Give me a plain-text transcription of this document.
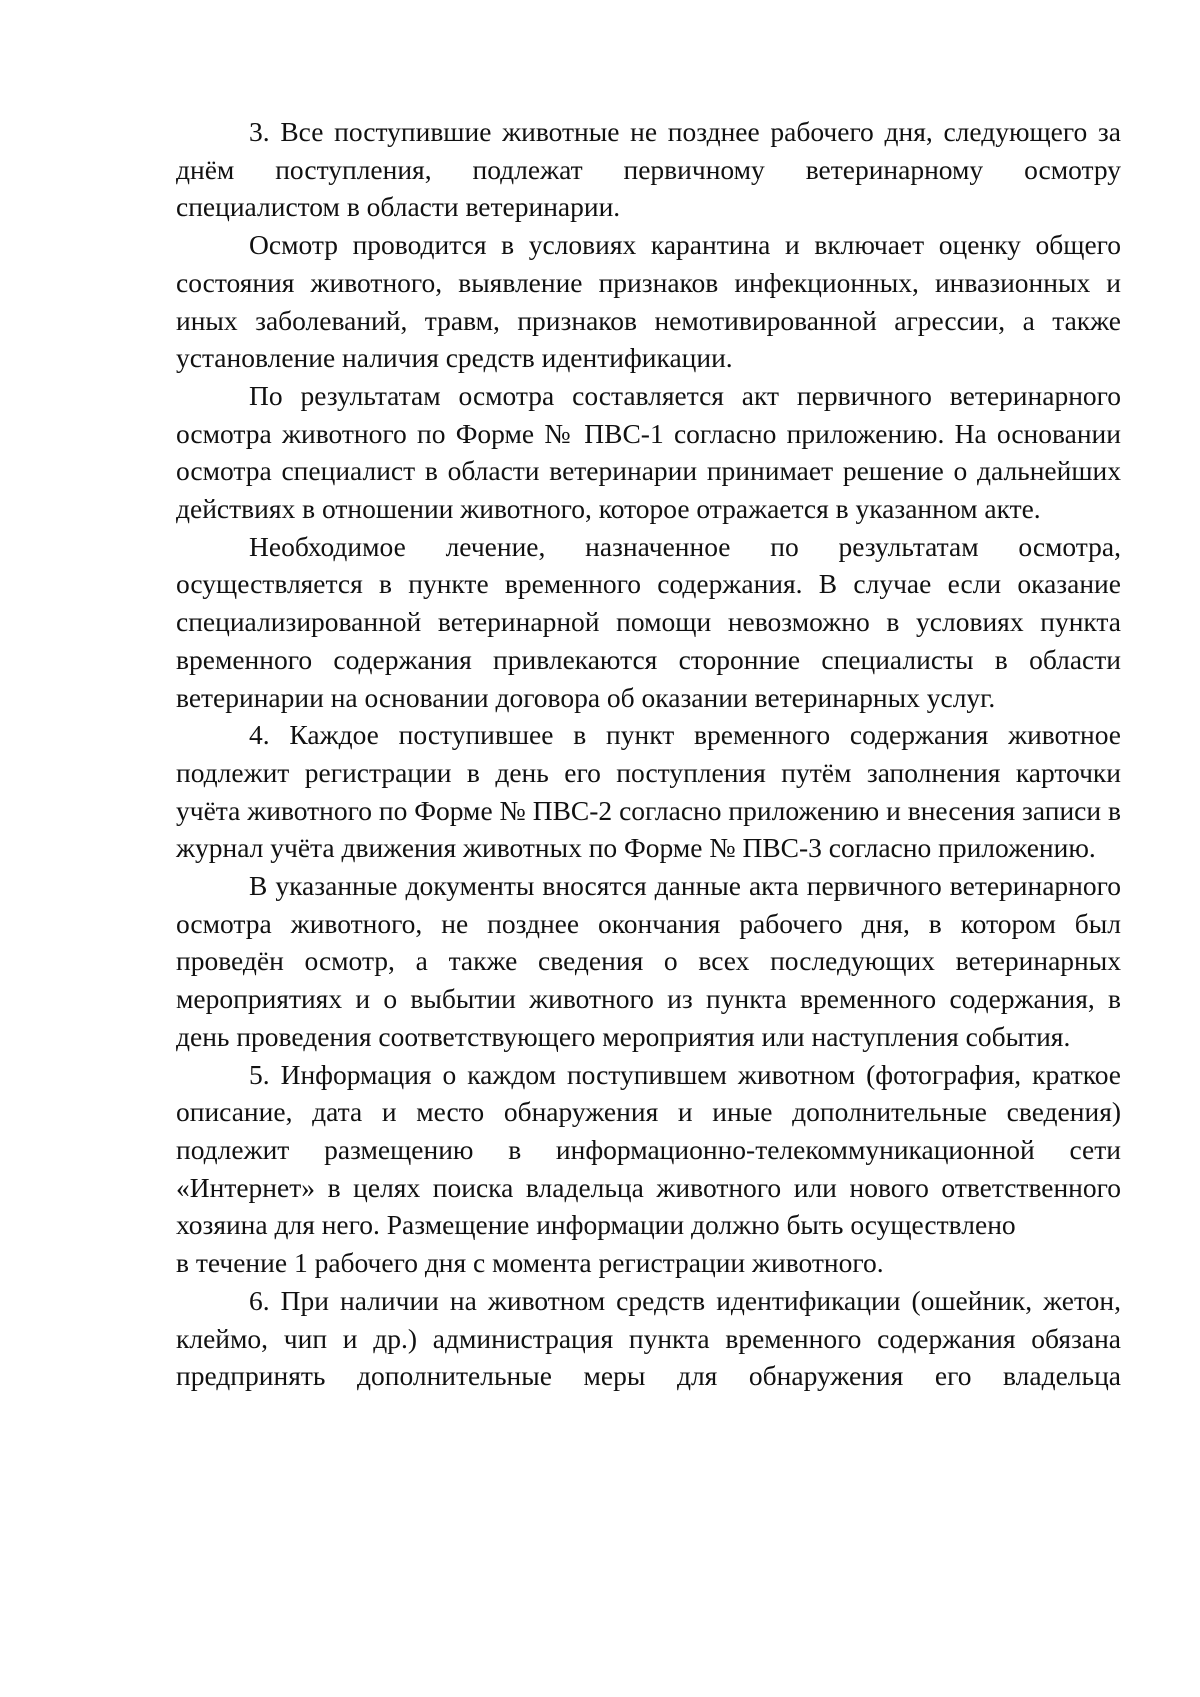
3. Все поступившие животные не позднее рабочего дня, следующего за днём поступления, подлежат первичному ветеринарному осмотру специалистом в области ветеринарии.

Осмотр проводится в условиях карантина и включает оценку общего состояния животного, выявление признаков инфекционных, инвазионных и иных заболеваний, травм, признаков немотивированной агрессии, а также установление наличия средств идентификации.

По результатам осмотра составляется акт первичного ветеринарного осмотра животного по Форме № ПВС-1 согласно приложению. На основании осмотра специалист в области ветеринарии принимает решение о дальнейших действиях в отношении животного, которое отражается в указанном акте.

Необходимое лечение, назначенное по результатам осмотра, осуществляется в пункте временного содержания. В случае если оказание специализированной ветеринарной помощи невозможно в условиях пункта временного содержания привлекаются сторонние специалисты в области ветеринарии на основании договора об оказании ветеринарных услуг.

4. Каждое поступившее в пункт временного содержания животное подлежит регистрации в день его поступления путём заполнения карточки учёта животного по Форме № ПВС-2 согласно приложению и внесения записи в журнал учёта движения животных по Форме № ПВС-3 согласно приложению.

В указанные документы вносятся данные акта первичного ветеринарного осмотра животного, не позднее окончания рабочего дня, в котором был проведён осмотр, а также сведения о всех последующих ветеринарных мероприятиях и о выбытии животного из пункта временного содержания, в день проведения соответствующего мероприятия или наступления события.

5. Информация о каждом поступившем животном (фотография, краткое описание, дата и место обнаружения и иные дополнительные сведения) подлежит размещению в информационно-телекоммуникационной сети «Интернет» в целях поиска владельца животного или нового ответственного хозяина для него. Размещение информации должно быть осуществлено

в течение 1 рабочего дня с момента регистрации животного.

6. При наличии на животном средств идентификации (ошейник, жетон, клеймо, чип и др.) администрация пункта временного содержания обязана предпринять дополнительные меры для обнаружения его владельца
